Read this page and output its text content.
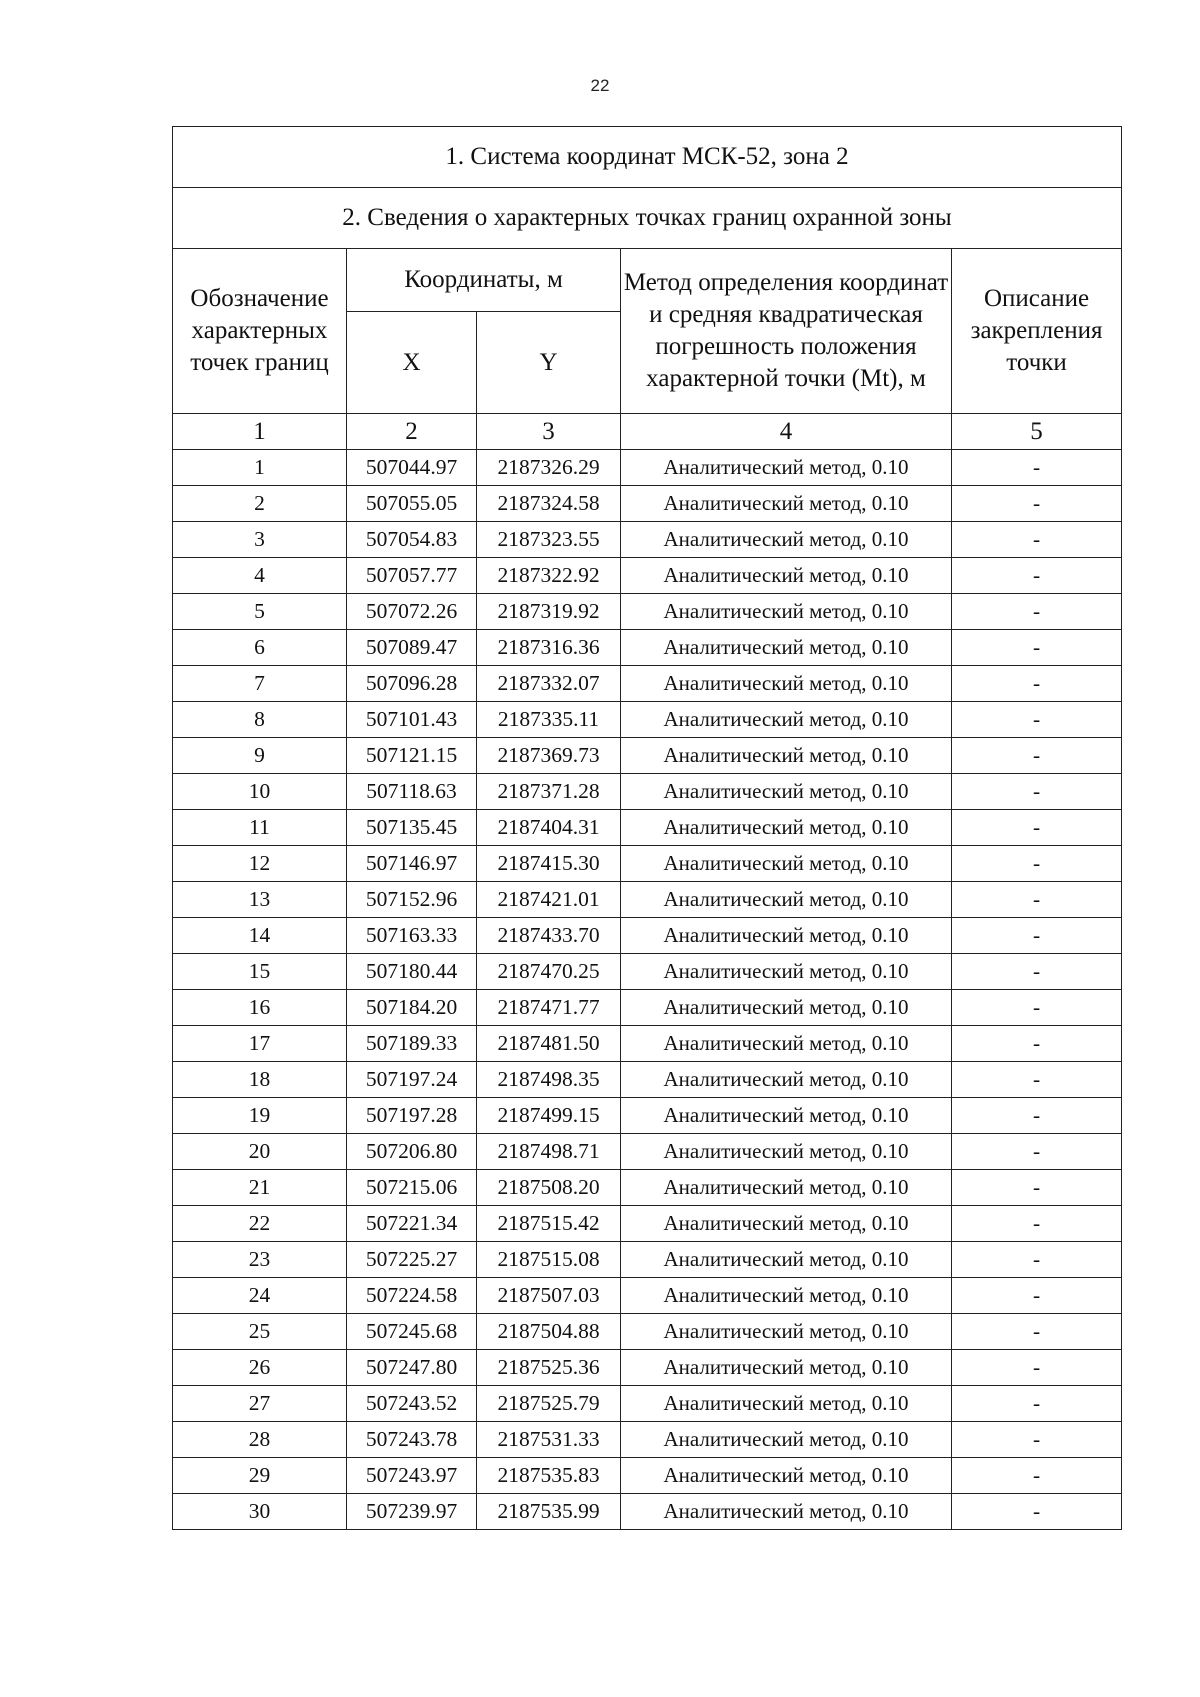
22
1. Система координат МСК-52, зона 2				
2. Сведения о характерных точках границ охранной зоны				
Обозначение характерных точек границ	Координаты, м		Метод определения координат и средняя квадратическая погрешность положения характерной точки (Mt), м	Описание закрепления точки
	X	Y		
1	2	3	4	5
1	507044.97	2187326.29	Аналитический метод, 0.10	-
2	507055.05	2187324.58	Аналитический метод, 0.10	-
3	507054.83	2187323.55	Аналитический метод, 0.10	-
4	507057.77	2187322.92	Аналитический метод, 0.10	-
5	507072.26	2187319.92	Аналитический метод, 0.10	-
6	507089.47	2187316.36	Аналитический метод, 0.10	-
7	507096.28	2187332.07	Аналитический метод, 0.10	-
8	507101.43	2187335.11	Аналитический метод, 0.10	-
9	507121.15	2187369.73	Аналитический метод, 0.10	-
10	507118.63	2187371.28	Аналитический метод, 0.10	-
11	507135.45	2187404.31	Аналитический метод, 0.10	-
12	507146.97	2187415.30	Аналитический метод, 0.10	-
13	507152.96	2187421.01	Аналитический метод, 0.10	-
14	507163.33	2187433.70	Аналитический метод, 0.10	-
15	507180.44	2187470.25	Аналитический метод, 0.10	-
16	507184.20	2187471.77	Аналитический метод, 0.10	-
17	507189.33	2187481.50	Аналитический метод, 0.10	-
18	507197.24	2187498.35	Аналитический метод, 0.10	-
19	507197.28	2187499.15	Аналитический метод, 0.10	-
20	507206.80	2187498.71	Аналитический метод, 0.10	-
21	507215.06	2187508.20	Аналитический метод, 0.10	-
22	507221.34	2187515.42	Аналитический метод, 0.10	-
23	507225.27	2187515.08	Аналитический метод, 0.10	-
24	507224.58	2187507.03	Аналитический метод, 0.10	-
25	507245.68	2187504.88	Аналитический метод, 0.10	-
26	507247.80	2187525.36	Аналитический метод, 0.10	-
27	507243.52	2187525.79	Аналитический метод, 0.10	-
28	507243.78	2187531.33	Аналитический метод, 0.10	-
29	507243.97	2187535.83	Аналитический метод, 0.10	-
30	507239.97	2187535.99	Аналитический метод, 0.10	-
